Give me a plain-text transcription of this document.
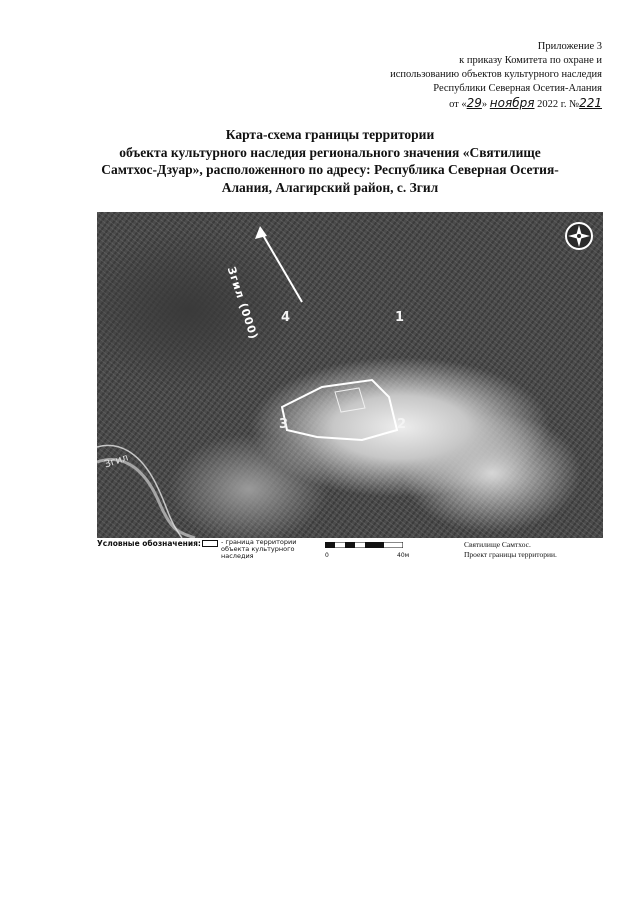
Приложение 3
к приказу Комитета по охране и
использованию объектов культурного наследия
Республики Северная Осетия-Алания
от «29» ноября 2022 г. №221
Карта-схема границы территории
объекта культурного наследия регионального значения «Святилище
Самтхос-Дзуар», расположенного по адресу: Республика Северная Осетия-
Алания, Алагирский район, с. Згил
Згил (000)
Згил
1
2
3
4
Условные обозначения:	- граница территории объекта культурного наследия	0	40м
Святилище Самтхос.
Проект границы территории.
